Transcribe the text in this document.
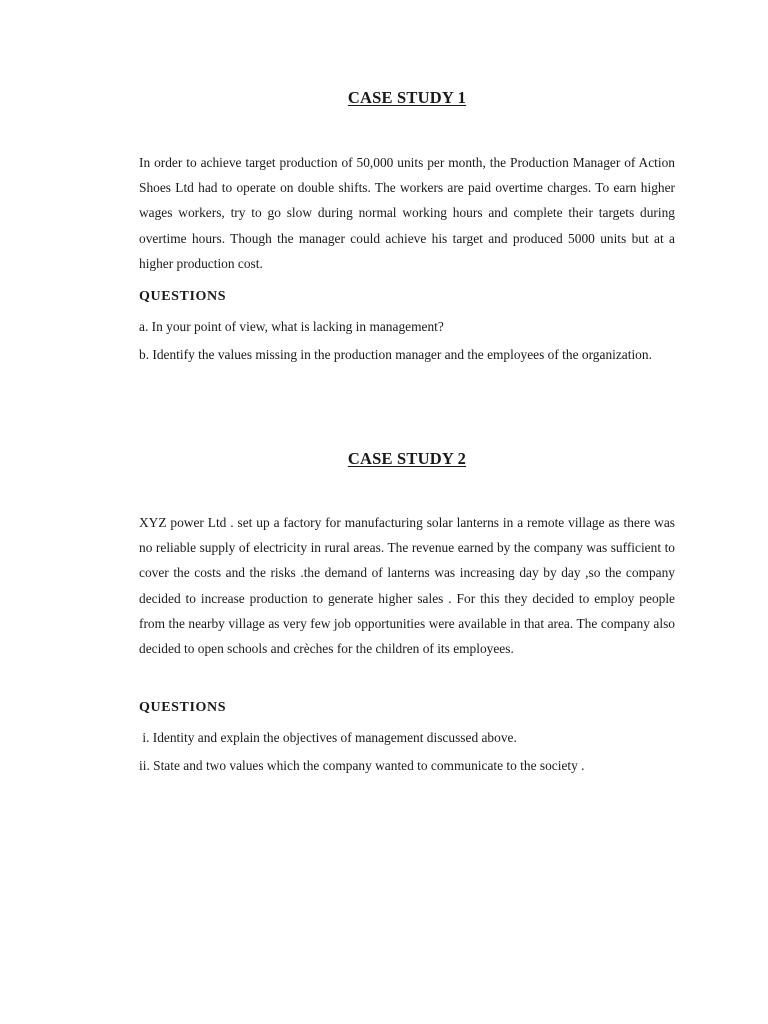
CASE STUDY 1
In order to achieve target production of 50,000 units per month, the Production Manager of Action Shoes Ltd had to operate on double shifts. The workers are paid overtime charges. To earn higher wages workers, try to go slow during normal working hours and complete their targets during overtime hours. Though the manager could achieve his target and produced 5000 units but at a higher production cost.
QUESTIONS
a. In your point of view, what is lacking in management?
b. Identify the values missing in the production manager and the employees of the organization.
CASE STUDY 2
XYZ power Ltd . set up a factory for manufacturing solar lanterns in a remote village as there was no reliable supply of electricity in rural areas. The revenue earned by the company was sufficient to cover the costs and the risks .the demand of lanterns was increasing day by day ,so the company decided to increase production to generate higher sales . For this they decided to employ people from the nearby village as very few job opportunities were available in that area. The company also decided to open schools and crèches for the children of its employees.
QUESTIONS
i. Identity and explain the objectives of management discussed above.
ii. State and two values which the company wanted to communicate to the society .
